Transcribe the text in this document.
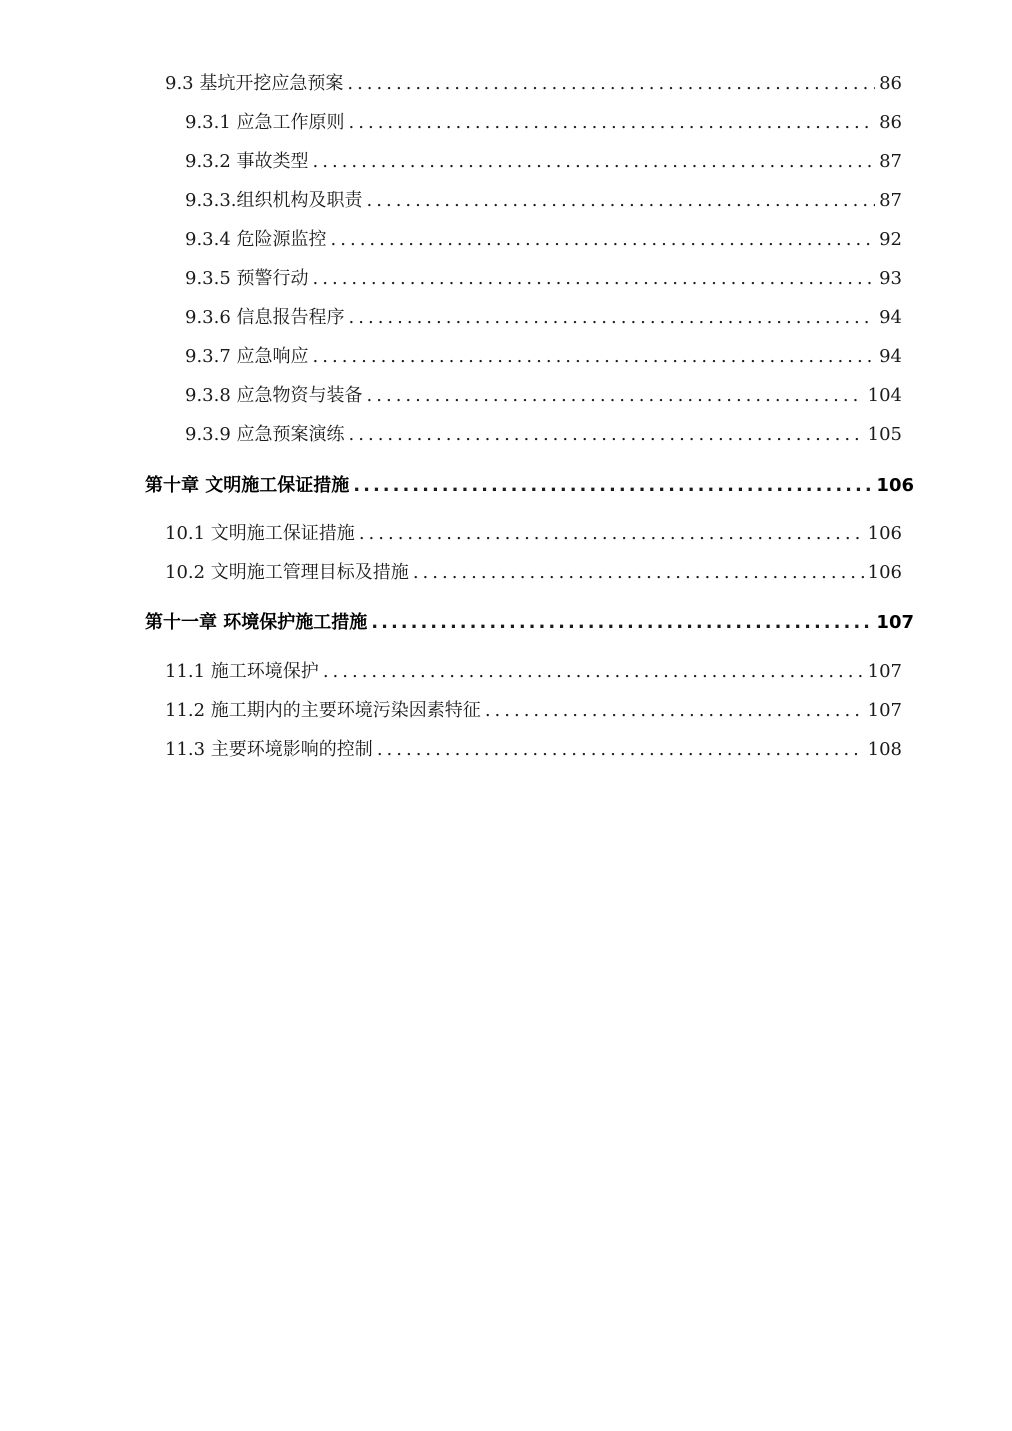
9.3 基坑开挖应急预案 .....	86
9.3.1 应急工作原则 .....	86
9.3.2 事故类型 .....	87
9.3.3.组织机构及职责 .....	87
9.3.4 危险源监控 .....	92
9.3.5 预警行动 .....	93
9.3.6 信息报告程序 .....	94
9.3.7 应急响应 .....	94
9.3.8 应急物资与装备 .....	104
9.3.9 应急预案演练 .....	105
第十章 文明施工保证措施 .....	106
10.1 文明施工保证措施 .....	106
10.2 文明施工管理目标及措施 .....	106
第十一章 环境保护施工措施 .....	107
11.1 施工环境保护 .....	107
11.2 施工期内的主要环境污染因素特征 .....	107
11.3 主要环境影响的控制 .....	108
